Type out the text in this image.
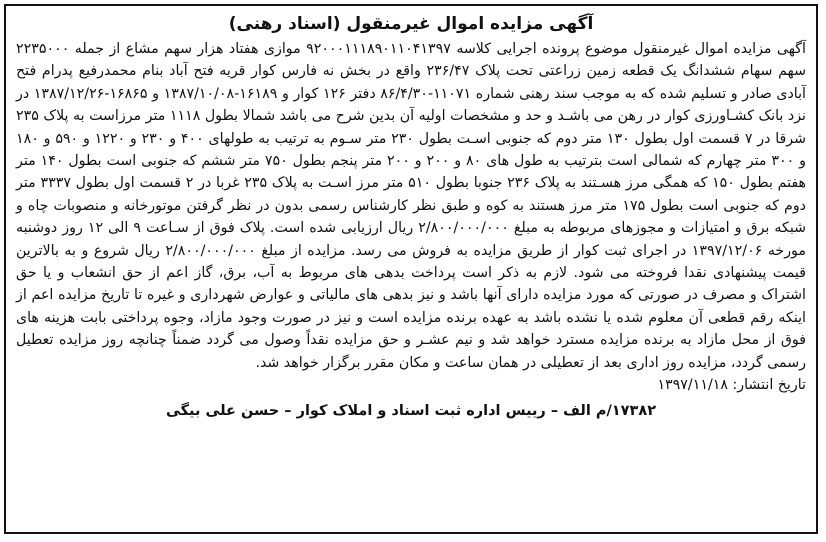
آگهی مزایده اموال غیرمنقول (اسناد رهنی)

آگهی مزایده اموال غیرمنقول موضوع پرونده اجرایی کلاسه ۹۲‌۰۰۰۱۱۱۸۹۰۱۱‌۰۴‌۱۳۹۷ موازی هفتاد هزار سهم مشاع از جمله ۲۲۳۵۰۰۰ سهم سهام ششدانگ یک قطعه زمین زراعتی تحت پلاک ۲۳۶/۴۷ واقع در بخش نه فارس کوار قریه فتح آباد بنام محمدرفیع پدرام فتح آبادی صادر و تسلیم شده که به موجب سند رهنی شماره ۱۱۰۷۱-۸۶/۴/۳۰ دفتر ۱۲۶ کوار و ۱۶۱۸۹-۱۳۸۷/۱۰/۰۸ و ۱۶۸۶۵-۱۳۸۷/۱۲/۲۶ در نزد بانک کشـاورزی کوار در رهن می باشـد و حد و مشخصات اولیه آن بدین شرح می باشد شمالا بطول ۱۱۱۸ متر مرزاست به پلاک ۲۳۵ شرقا در ۷ قسمت اول بطول ۱۳۰ متر دوم که جنوبی اسـت بطول ۲۳۰ متر سـوم به ترتیب به طولهای ۴۰۰ و ۲۳۰ و ۱۲۲۰ و ۵۹۰ و ۱۸۰ و ۳۰۰ متر چهارم که شمالی است بترتیب به طول های ۸۰ و ۲۰۰ و ۲۰۰ متر پنجم بطول ۷۵۰ متر ششم که جنوبی است بطول ۱۴۰ متر هفتم بطول ۱۵۰ که همگی مرز هسـتند به پلاک ۲۳۶ جنوبا بطول ۵۱۰ متر مرز اسـت به پلاک ۲۳۵ غربا در ۲ قسمت اول بطول ۳۳۳۷ متر دوم که جنوبی است بطول ۱۷۵ متر مرز هستند به کوه و طبق نظر کارشناس رسمی بدون در نظر گرفتن موتورخانه و منصوبات چاه و شبکه برق و امتیازات و مجوزهای مربوطه به مبلغ ۲/۸۰۰/۰۰۰/۰۰۰ ریال ارزیابی شده است. پلاک فوق از سـاعت ۹ الی ۱۲ روز دوشنبه مورخه ۱۳۹۷/۱۲/۰۶ در اجرای ثبت کوار از طریق مزایده به فروش می رسد. مزایده از مبلغ ۲/۸۰۰/۰۰۰/۰۰۰ ریال شروع و به بالاترین قیمت پیشنهادی نقدا فروخته می شود. لازم به ذکر است پرداخت بدهی های مربوط به آب، برق، گاز اعم از حق انشعاب و یا حق اشتراک و مصرف در صورتی که مورد مزایده دارای آنها باشد و نیز بدهی های مالیاتی و عوارض شهرداری و غیره تا تاریخ مزایده اعم از اینکه رقم قطعی آن معلوم شده یا نشده باشد به عهده برنده مزایده است و نیز در صورت وجود مازاد، وجوه پرداختی بابت هزینه های فوق از محل مازاد به برنده مزایده مسترد خواهد شد و نیم عشـر و حق مزایده نقداً وصول می گردد ضمناً چنانچه روز مزایده تعطیل رسمی گردد، مزایده روز اداری بعد از تعطیلی در همان ساعت و مکان مقرر برگزار خواهد شد.

تاریخ انتشار: ۱۳۹۷/۱۱/۱۸

۱۷۳۸۲/م الف – رییس اداره ثبت اسناد و املاک کوار – حسن علی بیگی
